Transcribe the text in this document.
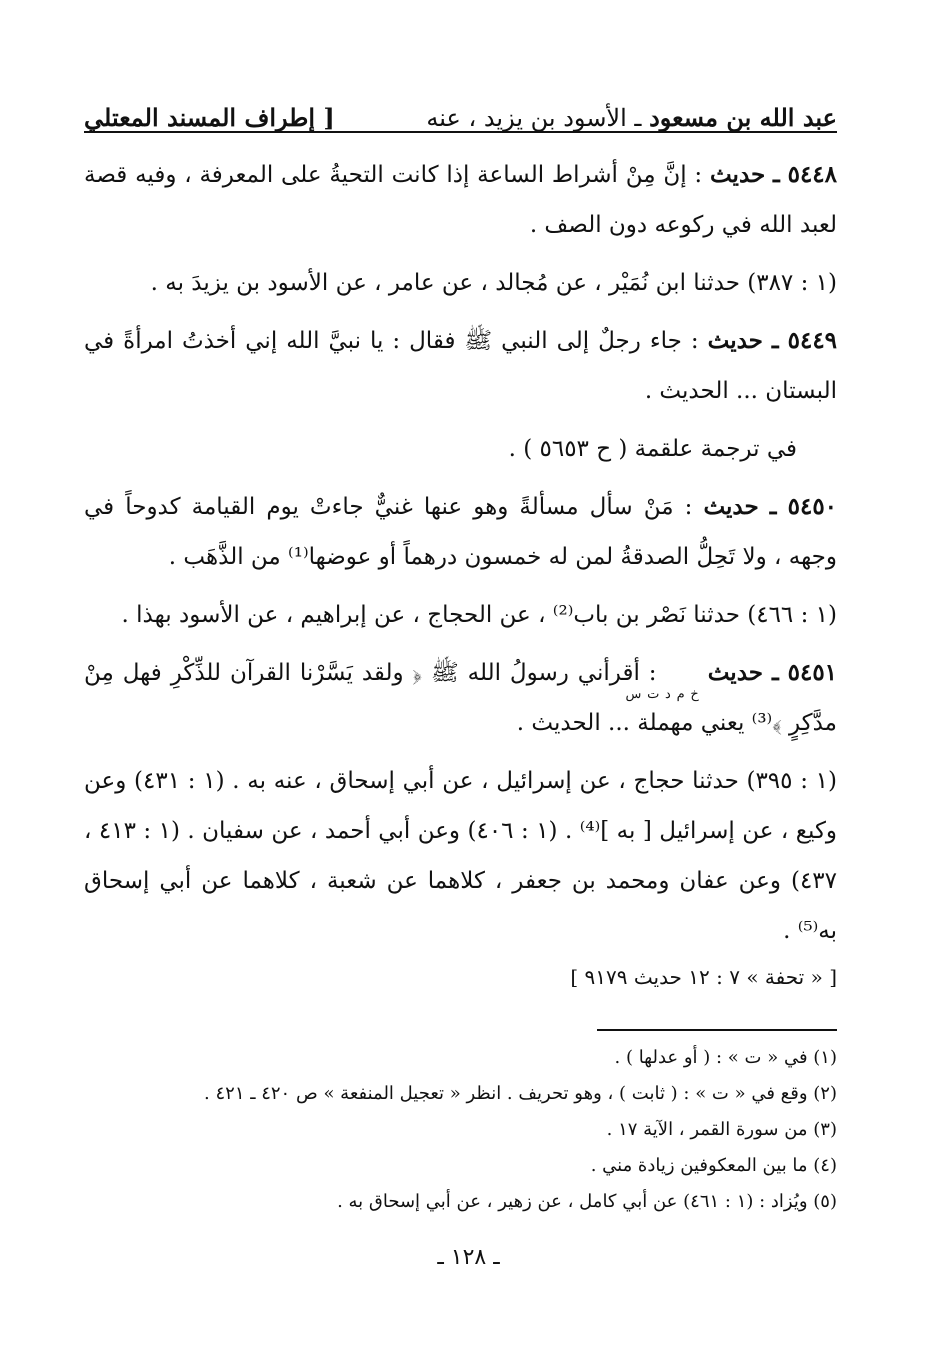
عبد الله بن مسعود ـ الأسود بن يزيد ، عنه
[ إطراف المسند المعتلي
٥٤٤٨ ـ حديث : إنَّ مِنْ أشراط الساعة إذا كانت التحيةُ على المعرفة ، وفيه قصة لعبد الله في ركوعه دون الصف .
(١ : ٣٨٧) حدثنا ابن نُمَيْر ، عن مُجالد ، عن عامر ، عن الأسود بن يزيدَ به .
٥٤٤٩ ـ حديث : جاء رجلٌ إلى النبي ﷺ فقال : يا نبيَّ الله إني أخذتُ امرأةً في البستان ... الحديث .
في ترجمة علقمة ( ح ٥٦٥٣ ) .
٥٤٥٠ ـ حديث : مَنْ سأل مسألةً وهو عنها غنيٌّ جاءتْ يوم القيامة كدوحاً في وجهه ، ولا تَحِلُّ الصدقةُ لمن له خمسون درهماً أو عوضها⁽¹⁾ من الذَّهَب .
(١ : ٤٦٦) حدثنا نَصْر بن باب⁽²⁾ ، عن الحجاج ، عن إبراهيم ، عن الأسود بهذا .
٥٤٥١ ـ حديث $_{خ م د ت س}$ : أقرأني رسولُ الله ﷺ ﴿ ولقد يَسَّرْنا القرآن للذِّكْرِ فهل مِنْ مدَّكِرٍ ﴾⁽³⁾ يعني مهملة ... الحديث .
(١ : ٣٩٥) حدثنا حجاج ، عن إسرائيل ، عن أبي إسحاق ، عنه به . (١ : ٤٣١) وعن وكيع ، عن إسرائيل [ به ]⁽⁴⁾ . (١ : ٤٠٦) وعن أبي أحمد ، عن سفيان . (١ : ٤١٣ ، ٤٣٧) وعن عفان ومحمد بن جعفر ، كلاهما عن شعبة ، كلاهما عن أبي إسحاق به⁽⁵⁾ .
[ « تحفة » ٧ : ١٢ حديث ٩١٧٩ ]
(١) في « ت » : ( أو عدلها ) .
(٢) وقع في « ت » : ( ثابت ) ، وهو تحريف . انظر « تعجيل المنفعة » ص ٤٢٠ ـ ٤٢١ .
(٣) من سورة القمر ، الآية ١٧ .
(٤) ما بين المعكوفين زيادة مني .
(٥) ويُزاد : (١ : ٤٦١) عن أبي كامل ، عن زهير ، عن أبي إسحاق به .
ـ ١٢٨ ـ
